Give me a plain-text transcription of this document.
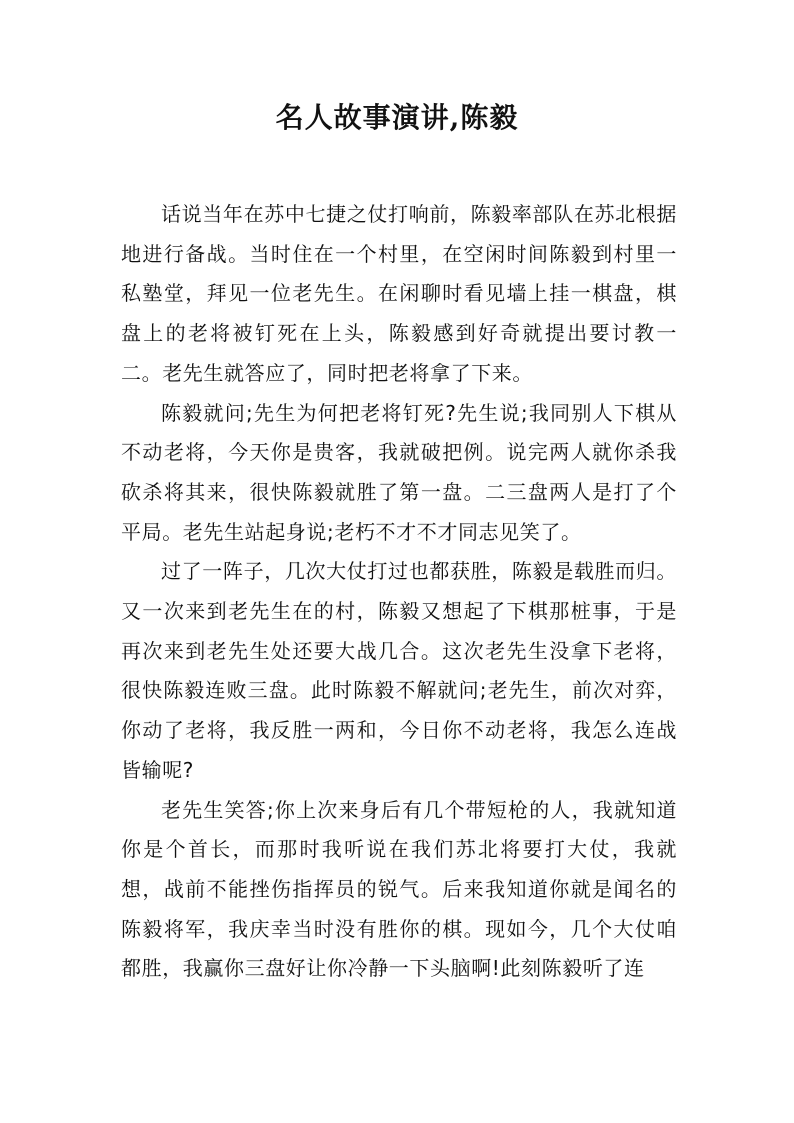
名人故事演讲,陈毅

话说当年在苏中七捷之仗打响前，陈毅率部队在苏北根据地进行备战。当时住在一个村里，在空闲时间陈毅到村里一私塾堂，拜见一位老先生。在闲聊时看见墙上挂一棋盘，棋盘上的老将被钉死在上头，陈毅感到好奇就提出要讨教一二。老先生就答应了，同时把老将拿了下来。

陈毅就问;先生为何把老将钉死?先生说;我同别人下棋从不动老将，今天你是贵客，我就破把例。说完两人就你杀我砍杀将其来，很快陈毅就胜了第一盘。二三盘两人是打了个平局。老先生站起身说;老朽不才不才同志见笑了。

过了一阵子，几次大仗打过也都获胜，陈毅是载胜而归。又一次来到老先生在的村，陈毅又想起了下棋那桩事，于是再次来到老先生处还要大战几合。这次老先生没拿下老将，很快陈毅连败三盘。此时陈毅不解就问;老先生，前次对弈，你动了老将，我反胜一两和，今日你不动老将，我怎么连战皆输呢?

老先生笑答;你上次来身后有几个带短枪的人，我就知道你是个首长，而那时我听说在我们苏北将要打大仗，我就想，战前不能挫伤指挥员的锐气。后来我知道你就是闻名的陈毅将军，我庆幸当时没有胜你的棋。现如今，几个大仗咱都胜，我赢你三盘好让你冷静一下头脑啊!此刻陈毅听了连
